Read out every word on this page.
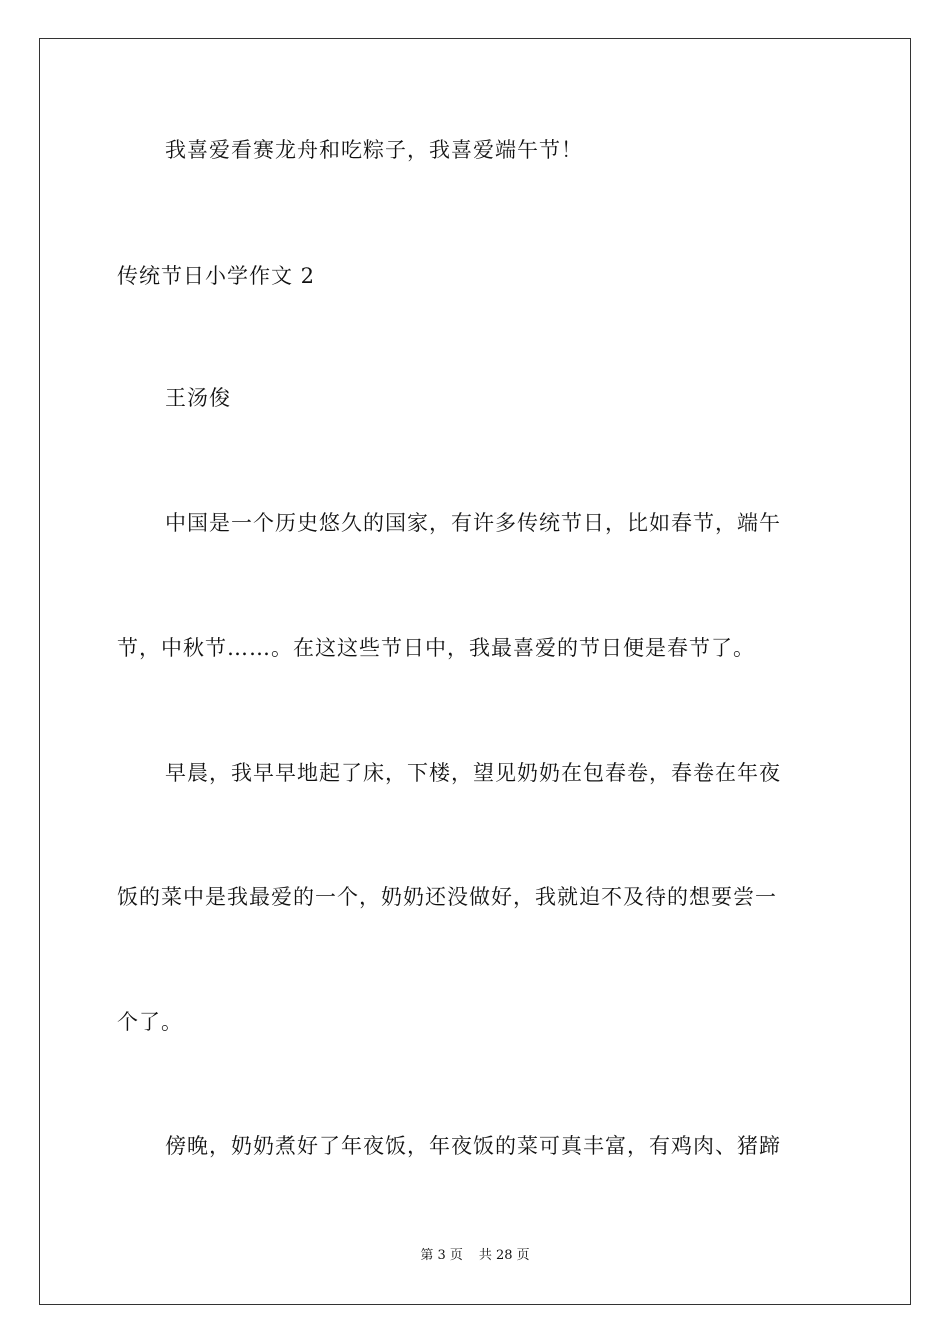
我喜爱看赛龙舟和吃粽子，我喜爱端午节！
传统节日小学作文 2
王汤俊
中国是一个历史悠久的国家，有许多传统节日，比如春节，端午
节，中秋节……。在这这些节日中，我最喜爱的节日便是春节了。
早晨，我早早地起了床，下楼，望见奶奶在包春卷，春卷在年夜
饭的菜中是我最爱的一个，奶奶还没做好，我就迫不及待的想要尝一
个了。
傍晚，奶奶煮好了年夜饭，年夜饭的菜可真丰富，有鸡肉、猪蹄
第 3 页 共 28 页
